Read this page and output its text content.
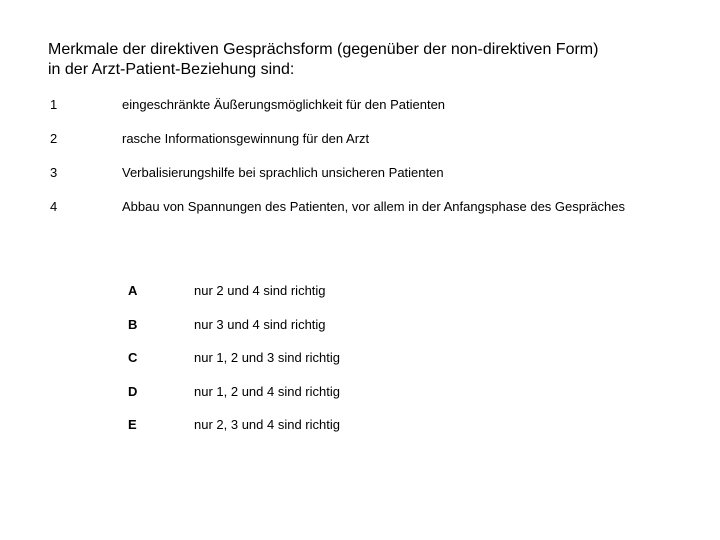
Merkmale der direktiven Gesprächsform (gegenüber der non-direktiven Form)
in der Arzt-Patient-Beziehung sind:
1	eingeschränkte Äußerungsmöglichkeit für den Patienten
2	rasche Informationsgewinnung für den Arzt
3	Verbalisierungshilfe bei sprachlich unsicheren Patienten
4	Abbau von Spannungen des Patienten, vor allem in der Anfangsphase des Gespräches
A	nur 2 und 4 sind richtig
B	nur 3 und 4 sind richtig
C	nur 1, 2 und 3 sind richtig
D	nur 1, 2 und 4 sind richtig
E	nur 2, 3 und 4 sind richtig
